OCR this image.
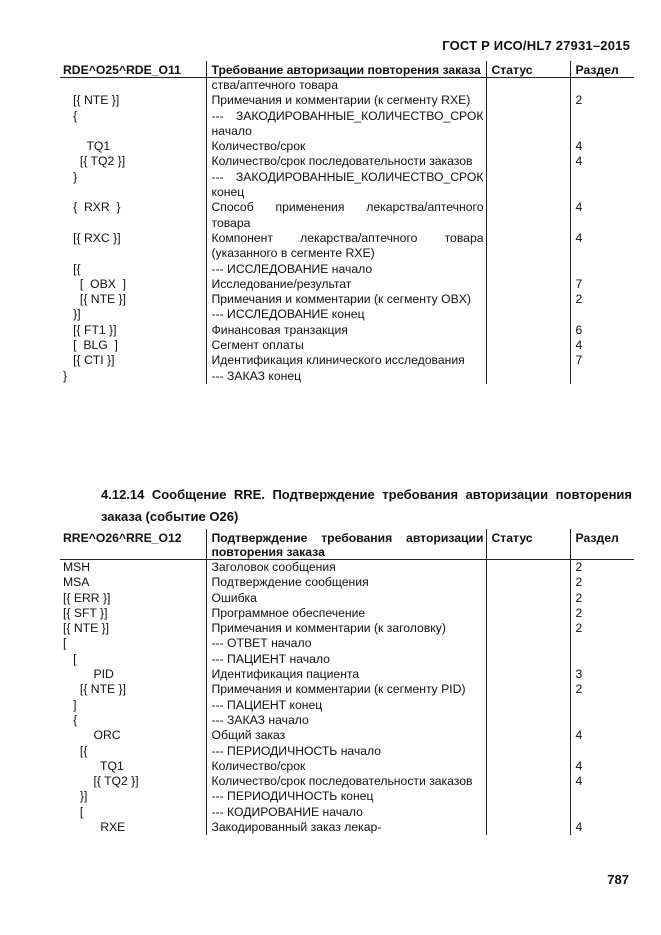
ГОСТ Р ИСО/HL7 27931–2015
RDE^O25^RDE_O11	Требование авторизации повторения заказа	Статус	Раздел
	ства/аптечного товара		
[{ NTE }]	Примечания и комментарии (к сегменту RXE)		2
{	--- ЗАКОДИРОВАННЫЕ_КОЛИЧЕСТВО_СРОК начало		
TQ1	Количество/срок		4
[{ TQ2 }]	Количество/срок последовательности заказов		4
}	--- ЗАКОДИРОВАННЫЕ_КОЛИЧЕСТВО_СРОК конец		
{  RXR  }	Способ применения лекарства/аптечного товара		4
[{ RXC }]	Компонент лекарства/аптечного товара (указанного в сегменте RXE)		4
[{	--- ИССЛЕДОВАНИЕ начало		
[  OBX  ]	Исследование/результат		7
[{ NTE }]	Примечания и комментарии (к сегменту OBX)		2
}]	--- ИССЛЕДОВАНИЕ конец		
[{ FT1 }]	Финансовая транзакция		6
[  BLG  ]	Сегмент оплаты		4
[{ CTI }]	Идентификация клинического исследования		7
}	--- ЗАКАЗ конец		
4.12.14 Сообщение RRE. Подтверждение требования авторизации повторения заказа (событие O26)
RRE^O26^RRE_O12	Подтверждение требования авторизации повторения заказа	Статус	Раздел
MSH	Заголовок сообщения		2
MSA	Подтверждение сообщения		2
[{ ERR }]	Ошибка		2
[{ SFT }]	Программное обеспечение		2
[{ NTE }]	Примечания и комментарии (к заголовку)		2
[	--- ОТВЕТ начало		
[	--- ПАЦИЕНТ начало		
PID	Идентификация пациента		3
[{ NTE }]	Примечания и комментарии (к сегменту PID)		2
]	--- ПАЦИЕНТ конец		
{	--- ЗАКАЗ начало		
ORC	Общий заказ		4
[{	--- ПЕРИОДИЧНОСТЬ начало		
TQ1	Количество/срок		4
[{ TQ2 }]	Количество/срок последовательности заказов		4
}]	--- ПЕРИОДИЧНОСТЬ конец		
[	--- КОДИРОВАНИЕ начало		
RXE	Закодированный заказ лекар-		4
787
